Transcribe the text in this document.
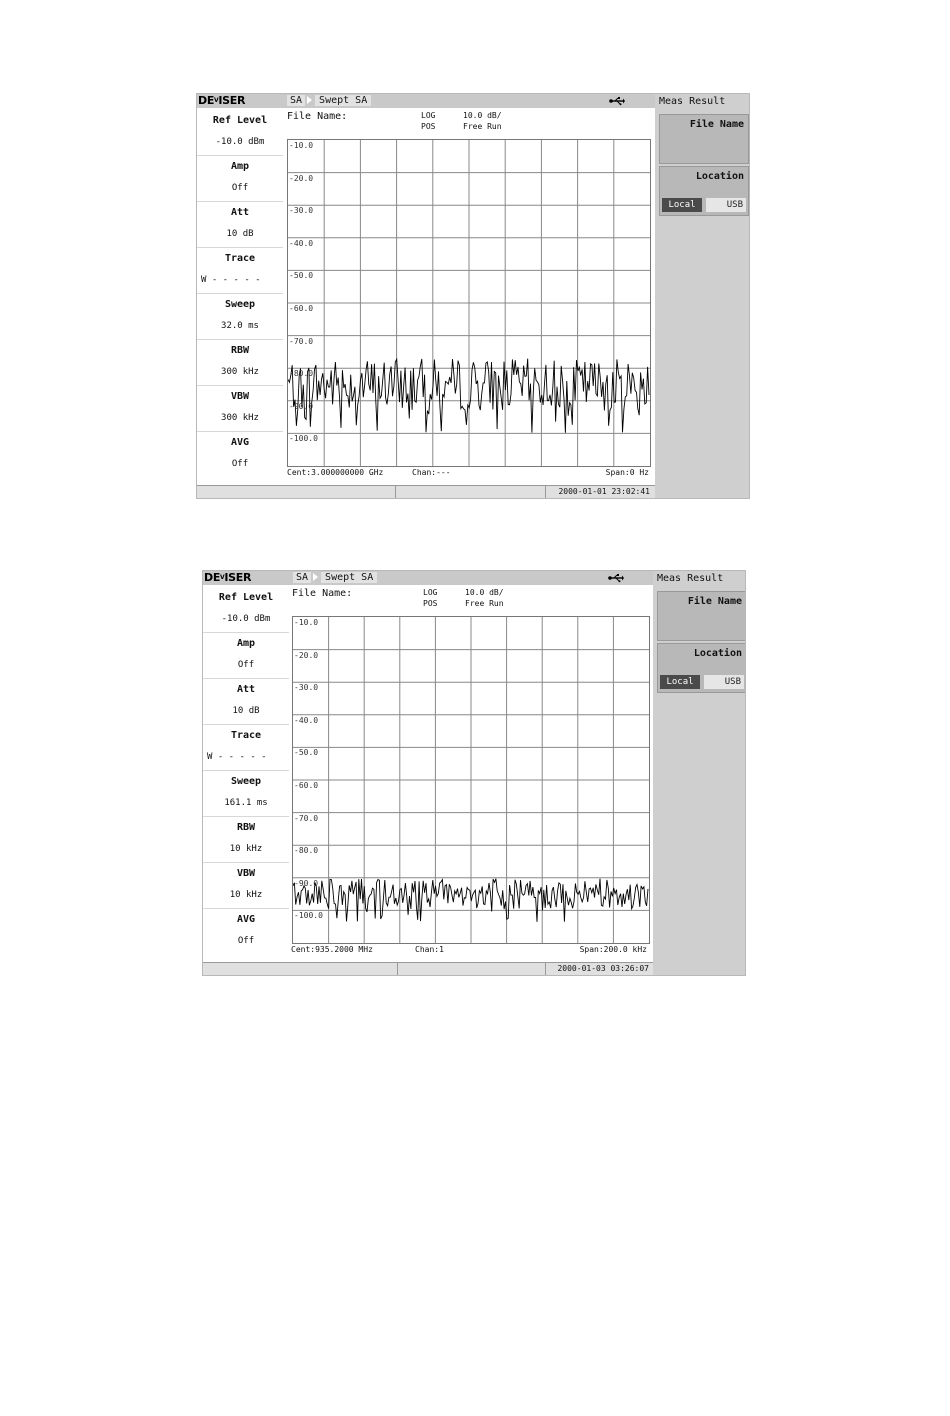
$DE^VISER$	SA Swept SA
Ref Level
-10.0 dBm
Amp
Off
Att
10 dB
Trace
W - - - - -
Sweep
32.0 ms
RBW
300 kHz
VBW
300 kHz
AVG
Off
File Name:	LOG
POS
10.0 dB/
Free Run
-10.0
-20.0
-30.0
-40.0
-50.0
-60.0
-70.0
-80.0
-90.0
-100.0
Cent:3.000000000 GHz	Chan:---	Span:0 Hz
2000-01-01 23:02:41
Meas Result
File Name
Location
Local	USB
$DE^VISER$	SA Swept SA
Ref Level
-10.0 dBm
Amp
Off
Att
10 dB
Trace
W - - - - -
Sweep
161.1 ms
RBW
10 kHz
VBW
10 kHz
AVG
Off
File Name:	LOG
POS
10.0 dB/
Free Run
-10.0
-20.0
-30.0
-40.0
-50.0
-60.0
-70.0
-80.0
-90.0
-100.0
Cent:935.2000 MHz	Chan:1	Span:200.0 kHz
2000-01-03 03:26:07
Meas Result
File Name
Location
Local	USB
